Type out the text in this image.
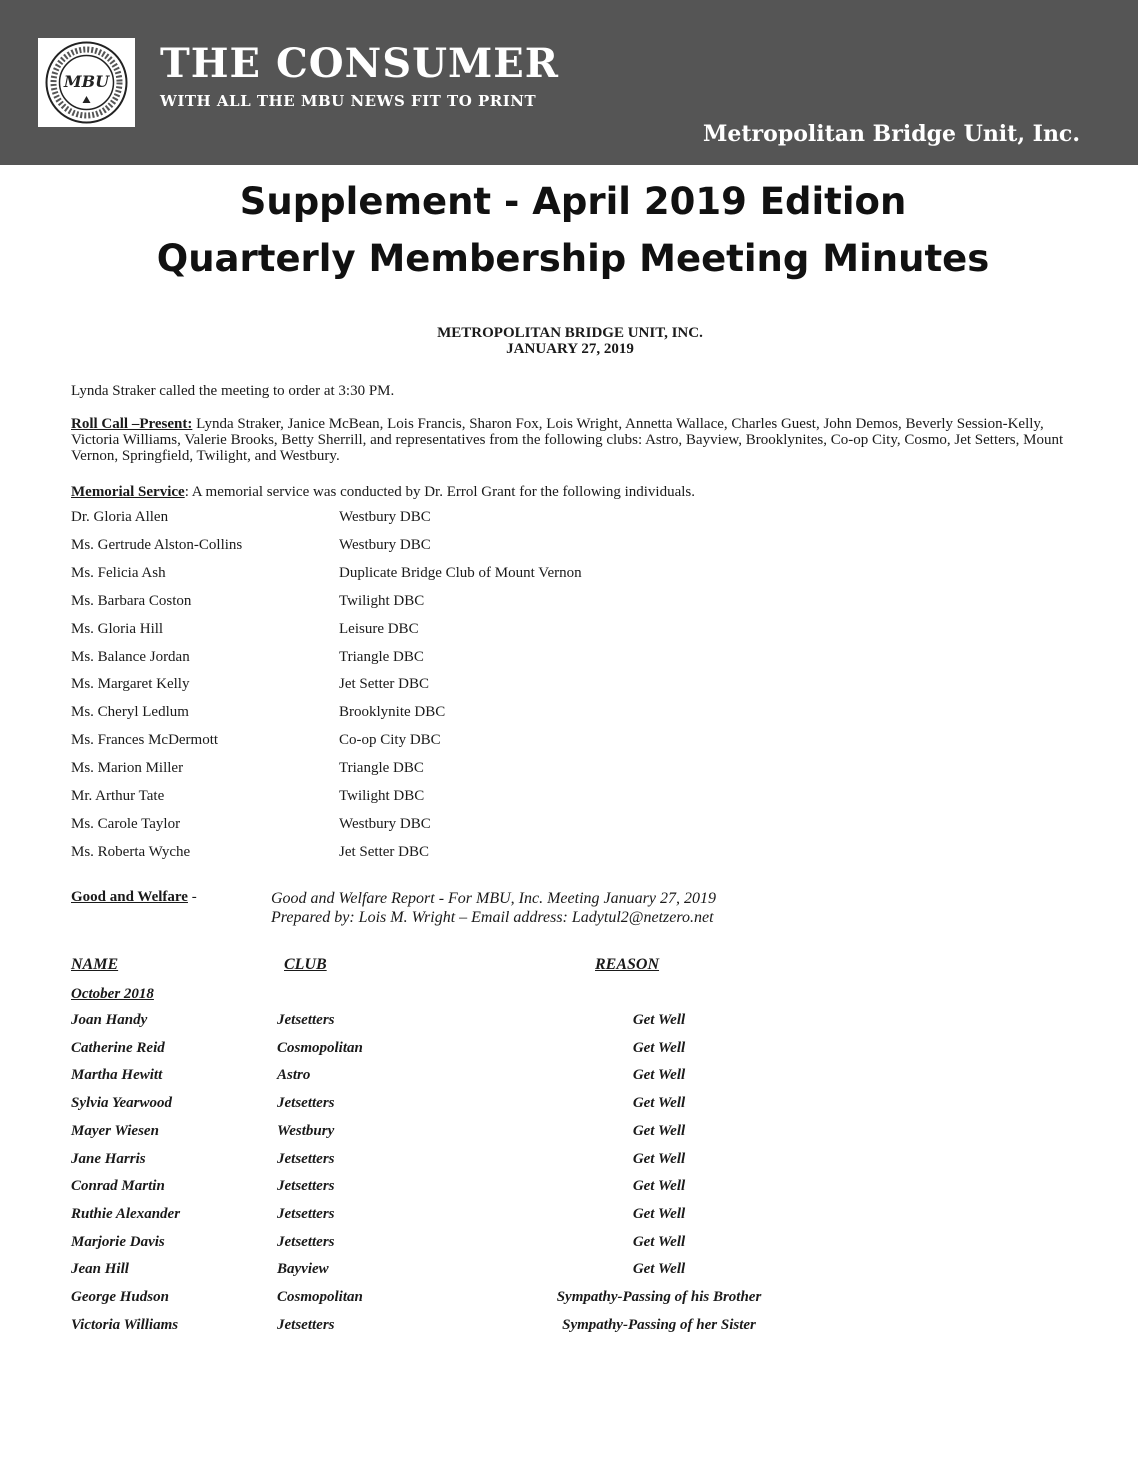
MBU THE CONSUMER
WITH ALL THE MBU NEWS FIT TO PRINT
Metropolitan Bridge Unit, Inc.
Supplement - April 2019 Edition
Quarterly Membership Meeting Minutes
METROPOLITAN BRIDGE UNIT, INC.
JANUARY 27, 2019
Lynda Straker called the meeting to order at 3:30 PM.
Roll Call –Present: Lynda Straker, Janice McBean, Lois Francis, Sharon Fox, Lois Wright, Annetta Wallace, Charles Guest, John Demos, Beverly Session-Kelly, Victoria Williams, Valerie Brooks, Betty Sherrill, and representatives from the following clubs: Astro, Bayview, Brooklynites, Co-op City, Cosmo, Jet Setters, Mount Vernon, Springfield, Twilight, and Westbury.
Memorial Service: A memorial service was conducted by Dr. Errol Grant for the following individuals.
Dr. Gloria Allen	Westbury DBC
Ms. Gertrude Alston-Collins	Westbury DBC
Ms. Felicia Ash	Duplicate Bridge Club of Mount Vernon
Ms. Barbara Coston	Twilight DBC
Ms. Gloria Hill	Leisure DBC
Ms. Balance Jordan	Triangle DBC
Ms. Margaret Kelly	Jet Setter DBC
Ms. Cheryl Ledlum	Brooklynite DBC
Ms. Frances McDermott	Co-op City DBC
Ms. Marion Miller	Triangle DBC
Mr. Arthur Tate	Twilight DBC
Ms. Carole Taylor	Westbury DBC
Ms. Roberta Wyche	Jet Setter DBC
Good and Welfare -	Good and Welfare Report - For MBU, Inc. Meeting January 27, 2019
Prepared by: Lois M. Wright – Email address: Ladytul2@netzero.net
NAME	CLUB	REASON
October 2018
Joan Handy	Jetsetters	Get Well
Catherine Reid	Cosmopolitan	Get Well
Martha Hewitt	Astro	Get Well
Sylvia Yearwood	Jetsetters	Get Well
Mayer Wiesen	Westbury	Get Well
Jane Harris	Jetsetters	Get Well
Conrad Martin	Jetsetters	Get Well
Ruthie Alexander	Jetsetters	Get Well
Marjorie Davis	Jetsetters	Get Well
Jean Hill	Bayview	Get Well
George Hudson	Cosmopolitan	Sympathy-Passing of his Brother
Victoria Williams	Jetsetters	Sympathy-Passing of her Sister
